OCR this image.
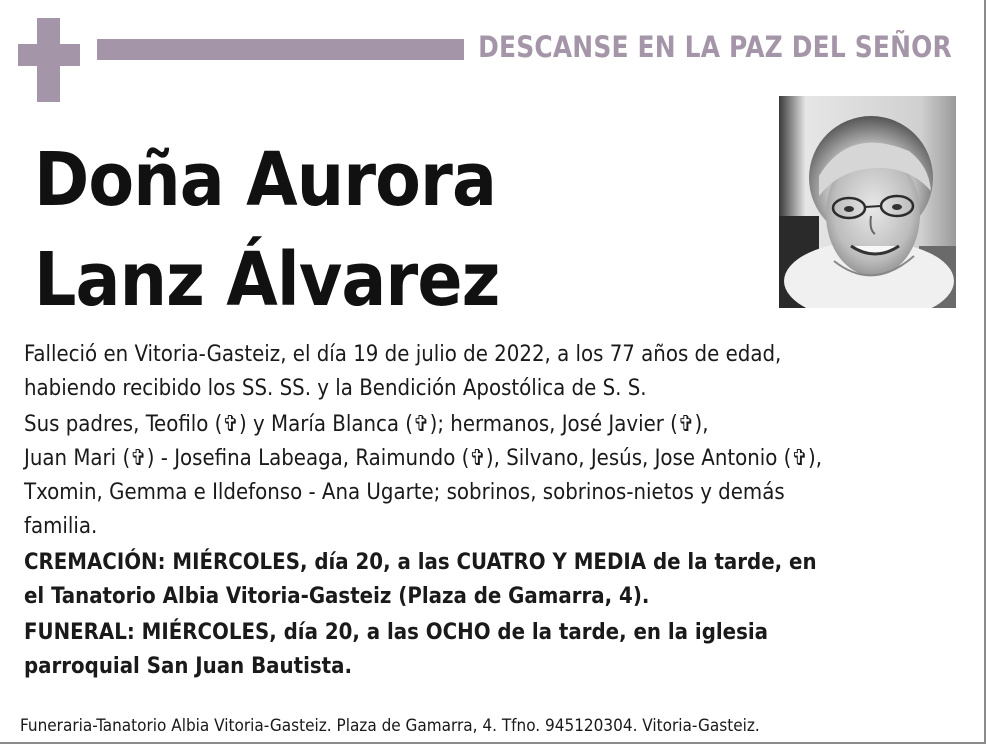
DESCANSE EN LA PAZ DEL SEÑOR
Doña Aurora
Lanz Álvarez

Falleció en Vitoria-Gasteiz, el día 19 de julio de 2022, a los 77 años de edad,
habiendo recibido los SS. SS. y la Bendición Apostólica de S. S.

Sus padres, Teofilo (✞) y María Blanca (✞); hermanos, José Javier (✞),
Juan Mari (✞) - Josefina Labeaga, Raimundo (✞), Silvano, Jesús, Jose Antonio (✞),
Txomin, Gemma e Ildefonso - Ana Ugarte; sobrinos, sobrinos-nietos y demás
familia.

CREMACIÓN: MIÉRCOLES, día 20, a las CUATRO Y MEDIA de la tarde, en
el Tanatorio Albia Vitoria-Gasteiz (Plaza de Gamarra, 4).

FUNERAL: MIÉRCOLES, día 20, a las OCHO de la tarde, en la iglesia
parroquial San Juan Bautista.

Funeraria-Tanatorio Albia Vitoria-Gasteiz. Plaza de Gamarra, 4. Tfno. 945120304. Vitoria-Gasteiz.
